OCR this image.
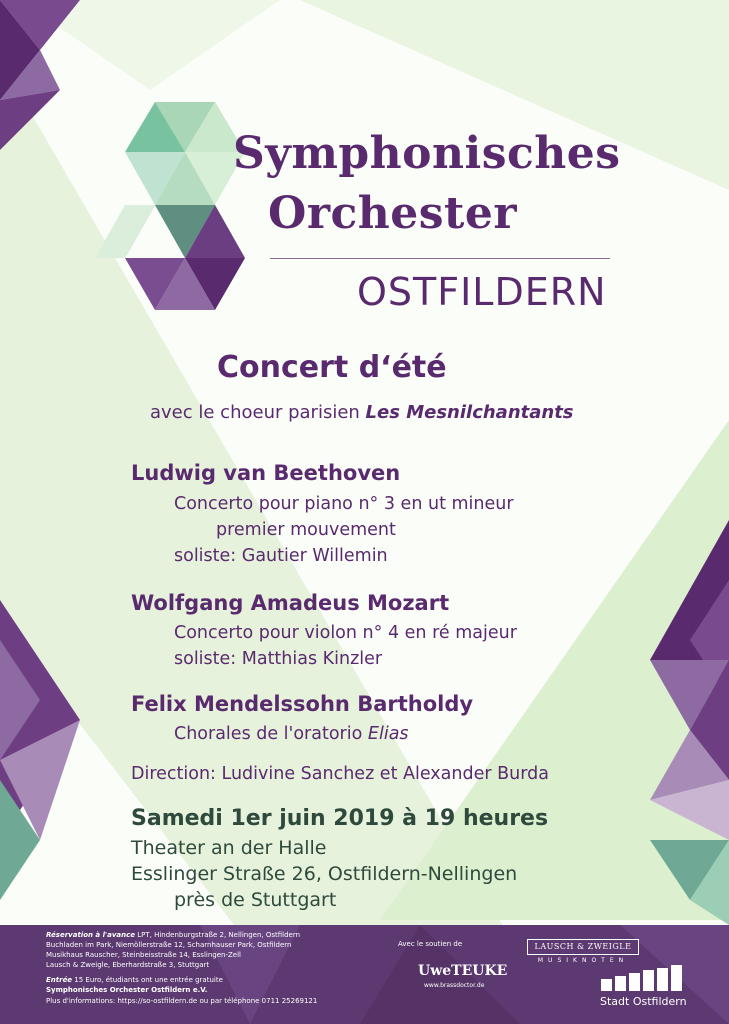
Symphonisches
Orchester
OSTFILDERN
Concert d‘été

avec le choeur parisien Les Mesnilchantants

Ludwig van Beethoven
Concerto pour piano n° 3 en ut mineur
premier mouvement
soliste: Gautier Willemin
Wolfgang Amadeus Mozart
Concerto pour violon n° 4 en ré majeur
soliste: Matthias Kinzler
Felix Mendelssohn Bartholdy
Chorales de l'oratorio Elias
Direction: Ludivine Sanchez et Alexander Burda
Samedi 1er juin 2019 à 19 heures
Theater an der Halle
Esslinger Straße 26, Ostfildern-Nellingen
près de Stuttgart

Réservation à l'avance LPT, Hindenburgstraße 2, Nellingen, Ostfildern

Buchladen im Park, Niemöllerstraße 12, Scharnhauser Park, Ostfildern

Musikhaus Rauscher, Steinbeisstraße 14, Esslingen-Zell

Lausch & Zweigle, Eberhardstraße 3, Stuttgart

Entrée 15 Euro, étudiants ont une entrée gratuite

Symphonisches Orchester Ostfildern e.V.

Plus d'informations: https://so-ostfildern.de ou par téléphone 0711 25269121

Avec le soutien de
UweTEUKE
www.brassdoctor.de
LAUSCH & ZWEIGLE
MUSIKNOTEN
Stadt Ostfildern
